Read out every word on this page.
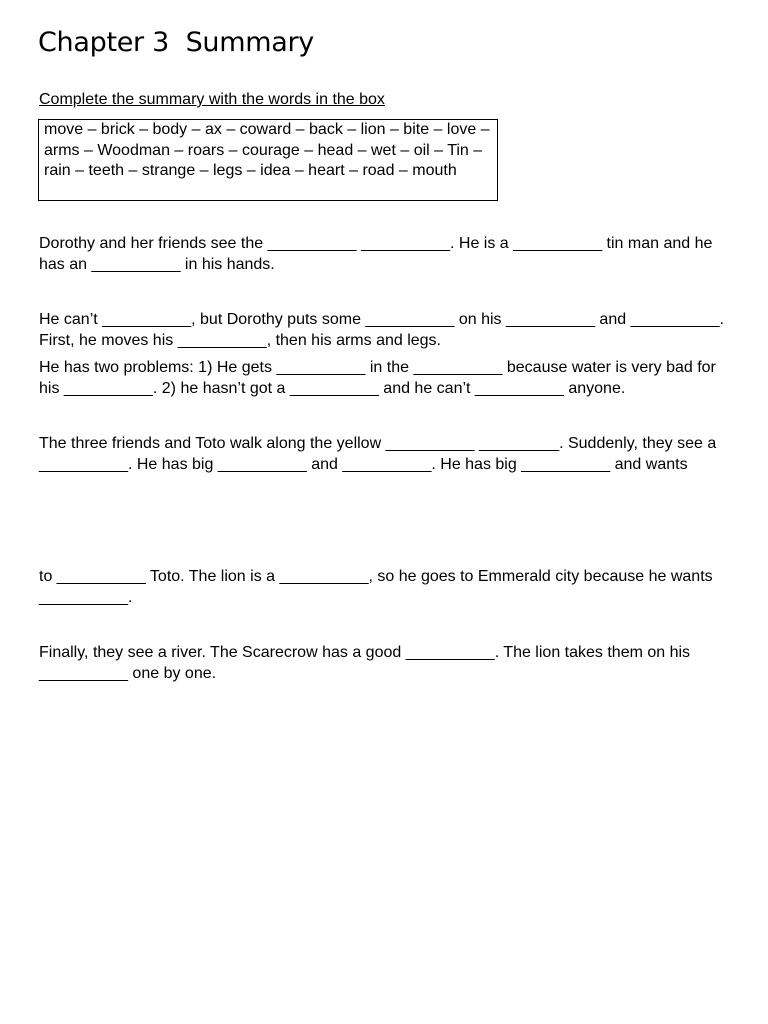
Chapter 3  Summary
Complete the summary with the words in the box
move – brick – body – ax – coward – back – lion – bite – love – arms – Woodman – roars – courage – head – wet – oil – Tin – rain – teeth – strange – legs – idea – heart – road – mouth

Dorothy and her friends see the __________ __________. He is a __________ tin man and he has an __________ in his hands.

He can’t __________, but Dorothy puts some __________ on his __________ and __________. First, he moves his __________, then his arms and legs.

He has two problems: 1) He gets __________ in the __________ because water is very bad for his __________. 2) he hasn’t got a __________ and he can’t __________ anyone.

The three friends and Toto walk along the yellow __________ _________. Suddenly, they see a __________. He has big __________ and __________. He has big __________ and wants

to __________ Toto. The lion is a __________, so he goes to Emmerald city because he wants __________.

Finally, they see a river. The Scarecrow has a good __________. The lion takes them on his __________ one by one.
